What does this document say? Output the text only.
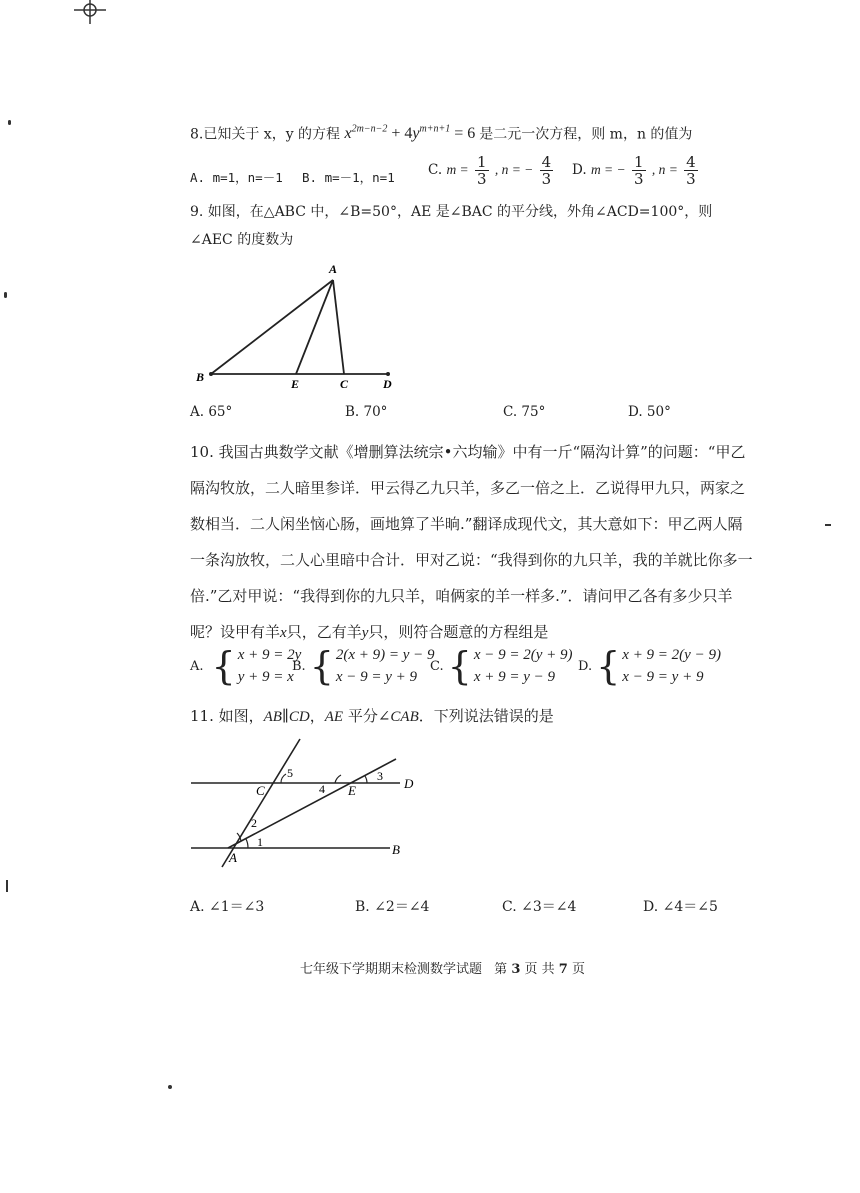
8.已知关于 x，y 的方程 $x^{2m-n-2} + 4y^{m+n+1} = 6$ 是二元一次方程，则 m，n 的值为
A. m=1，n=－1 B. m=－1，n=1 C. $m = \frac{1}{3}$ , n = − $\frac{4}{3} D$. m = − $\frac{1}{3}$ , $n = \frac{4}{3}$
9. 如图，在△ABC 中，∠B=50°，AE 是∠BAC 的平分线，外角∠ACD=100°，则
∠AEC 的度数为
A
B	E	C	D
A. 65°	B. 70°	C. 75°	D. 50°
10. 我国古典数学文献《增删算法统宗•六均输》中有一斤“隔沟计算”的问题：“甲乙
隔沟牧放，二人暗里参详．甲云得乙九只羊，多乙一倍之上．乙说得甲九只，两家之
数相当．二人闲坐恼心肠，画地算了半晌.”翻译成现代文，其大意如下：甲乙两人隔
一条沟放牧，二人心里暗中合计．甲对乙说：“我得到你的九只羊，我的羊就比你多一
倍.”乙对甲说：“我得到你的九只羊，咱俩家的羊一样多.”．请问甲乙各有多少只羊
呢？设甲有羊x只，乙有羊y只，则符合题意的方程组是
A. { x + 9 = 2y
y + 9 = x
B. { 2(x + 9) = y − 9
x − 9 = y + 9
C. { x − 9 = 2(y + 9)
x + 9 = y − 9
D. { x + 9 = 2(y − 9)
x − 9 = y + 9
11. 如图，AB∥CD，AE 平分∠CAB．下列说法错误的是
C	E	D
A
B
1
2
3
4
5
A. ∠1＝∠3	B. ∠2＝∠4	C. ∠3＝∠4	D. ∠4＝∠5
七年级下学期期末检测数学试题 第 3 页 共 7 页
